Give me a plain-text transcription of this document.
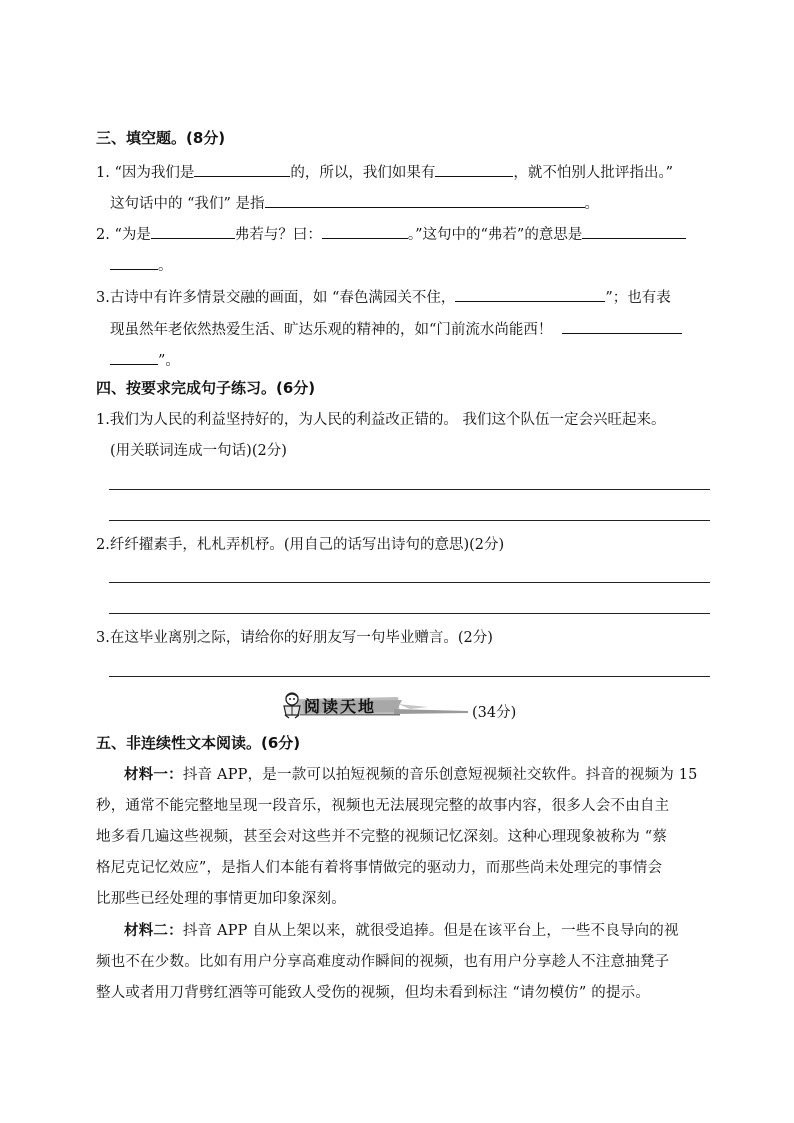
三、填空题。(8分)
1. “因为我们是	的，所以，我们如果有	，就不怕别人批评指出。”
这句话中的 “我们” 是指	。
2. “为是	弗若与？曰：	。”这句中的“弗若”的意思是
。
3.古诗中有许多情景交融的画面，如 “春色满园关不住，	”；也有表
现虽然年老依然热爱生活、旷达乐观的精神的，如“门前流水尚能西！
”。
四、按要求完成句子练习。(6分)
1.我们为人民的利益坚持好的，为人民的利益改正错的。 我们这个队伍一定会兴旺起来。
(用关联词连成一句话)(2分)
2.纤纤擢素手，札札弄机杼。(用自己的话写出诗句的意思)(2分)
3.在这毕业离别之际，请给你的好朋友写一句毕业赠言。(2分)
阅读天地	(34分)
五、非连续性文本阅读。(6分)
材料一：抖音 APP，是一款可以拍短视频的音乐创意短视频社交软件。抖音的视频为 15
秒，通常不能完整地呈现一段音乐，视频也无法展现完整的故事内容，很多人会不由自主
地多看几遍这些视频，甚至会对这些并不完整的视频记忆深刻。这种心理现象被称为 “蔡
格尼克记忆效应”，是指人们本能有着将事情做完的驱动力，而那些尚未处理完的事情会
比那些已经处理的事情更加印象深刻。
材料二：抖音 APP 自从上架以来，就很受追捧。但是在该平台上，一些不良导向的视
频也不在少数。比如有用户分享高难度动作瞬间的视频，也有用户分享趁人不注意抽凳子
整人或者用刀背劈红酒等可能致人受伤的视频，但均未看到标注 “请勿模仿” 的提示。
